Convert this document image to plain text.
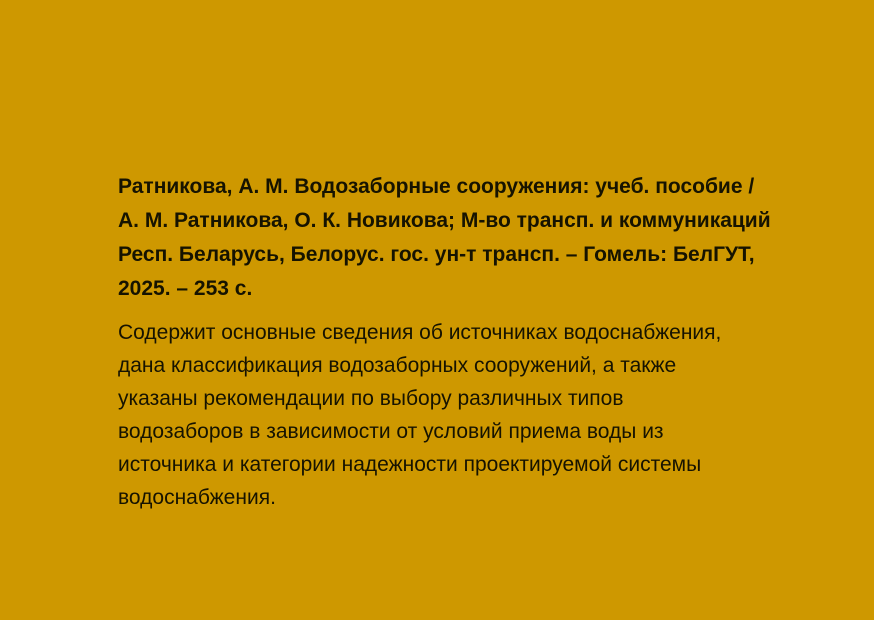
Ратникова, А. М. Водозаборные сооружения: учеб. пособие /
А. М. Ратникова, О. К. Новикова; М-во трансп. и коммуникаций
Респ. Беларусь, Белорус. гос. ун-т трансп. – Гомель: БелГУТ,
2025. – 253 с.
Содержит основные сведения об источниках водоснабжения,
дана классификация водозаборных сооружений, а также
указаны рекомендации по выбору различных типов
водозаборов в зависимости от условий приема воды из
источника и категории надежности проектируемой системы
водоснабжения.
